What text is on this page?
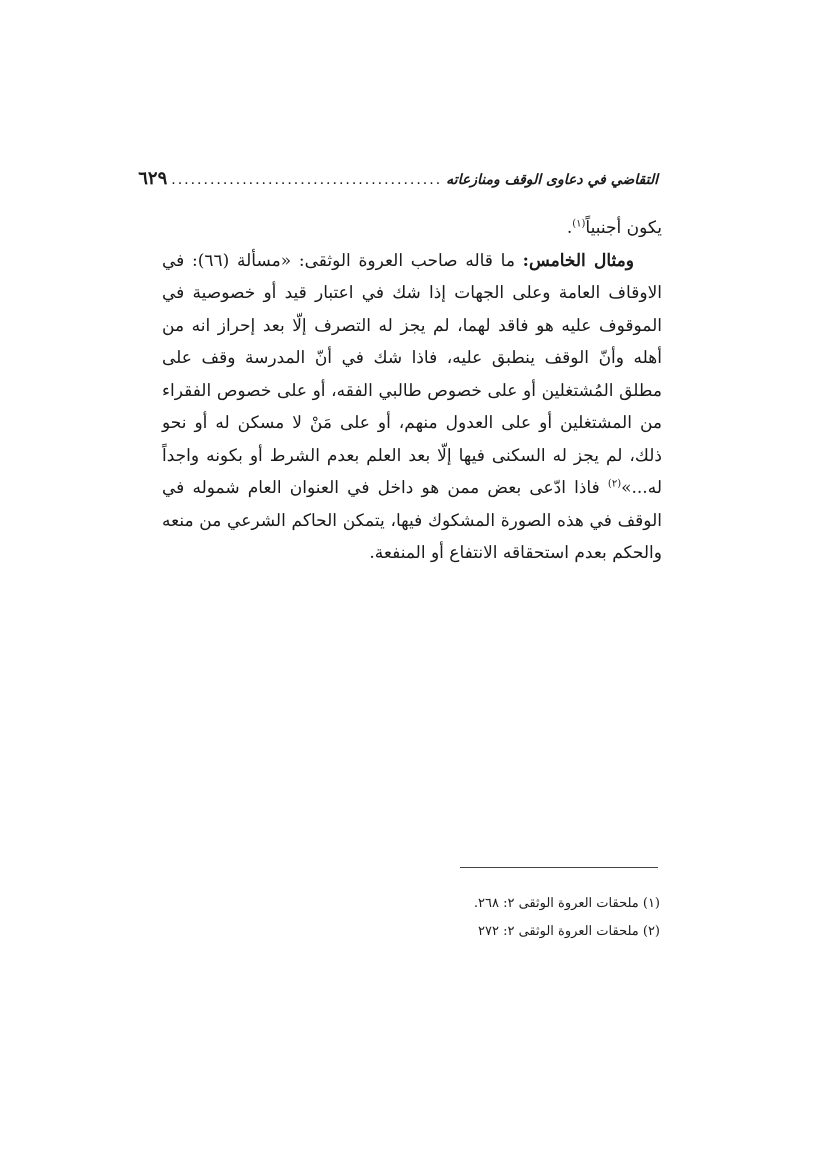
التقاضي في دعاوى الوقف ومنازعاته
..........................................
٦٢٩

يكون أجنبياً$^{(١)}$.

ومثال الخامس: ما قاله صاحب العروة الوثقى: «مسألة (٦٦): في الاوقاف العامة وعلى الجهات إذا شك في اعتبار قيد أو خصوصية في الموقوف عليه هو فاقد لهما، لم يجز له التصرف إلّا بعد إحراز انه من أهله وأنّ الوقف ينطبق عليه، فاذا شك في أنّ المدرسة وقف على مطلق المُشتغلين أو على خصوص طالبي الفقه، أو على خصوص الفقراء من المشتغلين أو على العدول منهم، أو على مَنْ لا مسكن له أو نحو ذلك، لم يجز له السكنى فيها إلّا بعد العلم بعدم الشرط أو بكونه واجداً له...»$^{(٢)}$ فاذا ادّعى بعض ممن هو داخل في العنوان العام شموله في الوقف في هذه الصورة المشكوك فيها، يتمكن الحاكم الشرعي من منعه والحكم بعدم استحقاقه الانتفاع أو المنفعة.

(١) ملحقات العروة الوثقى ٢: ٢٦٨.

(٢) ملحقات العروة الوثقى ٢: ٢٧٢
